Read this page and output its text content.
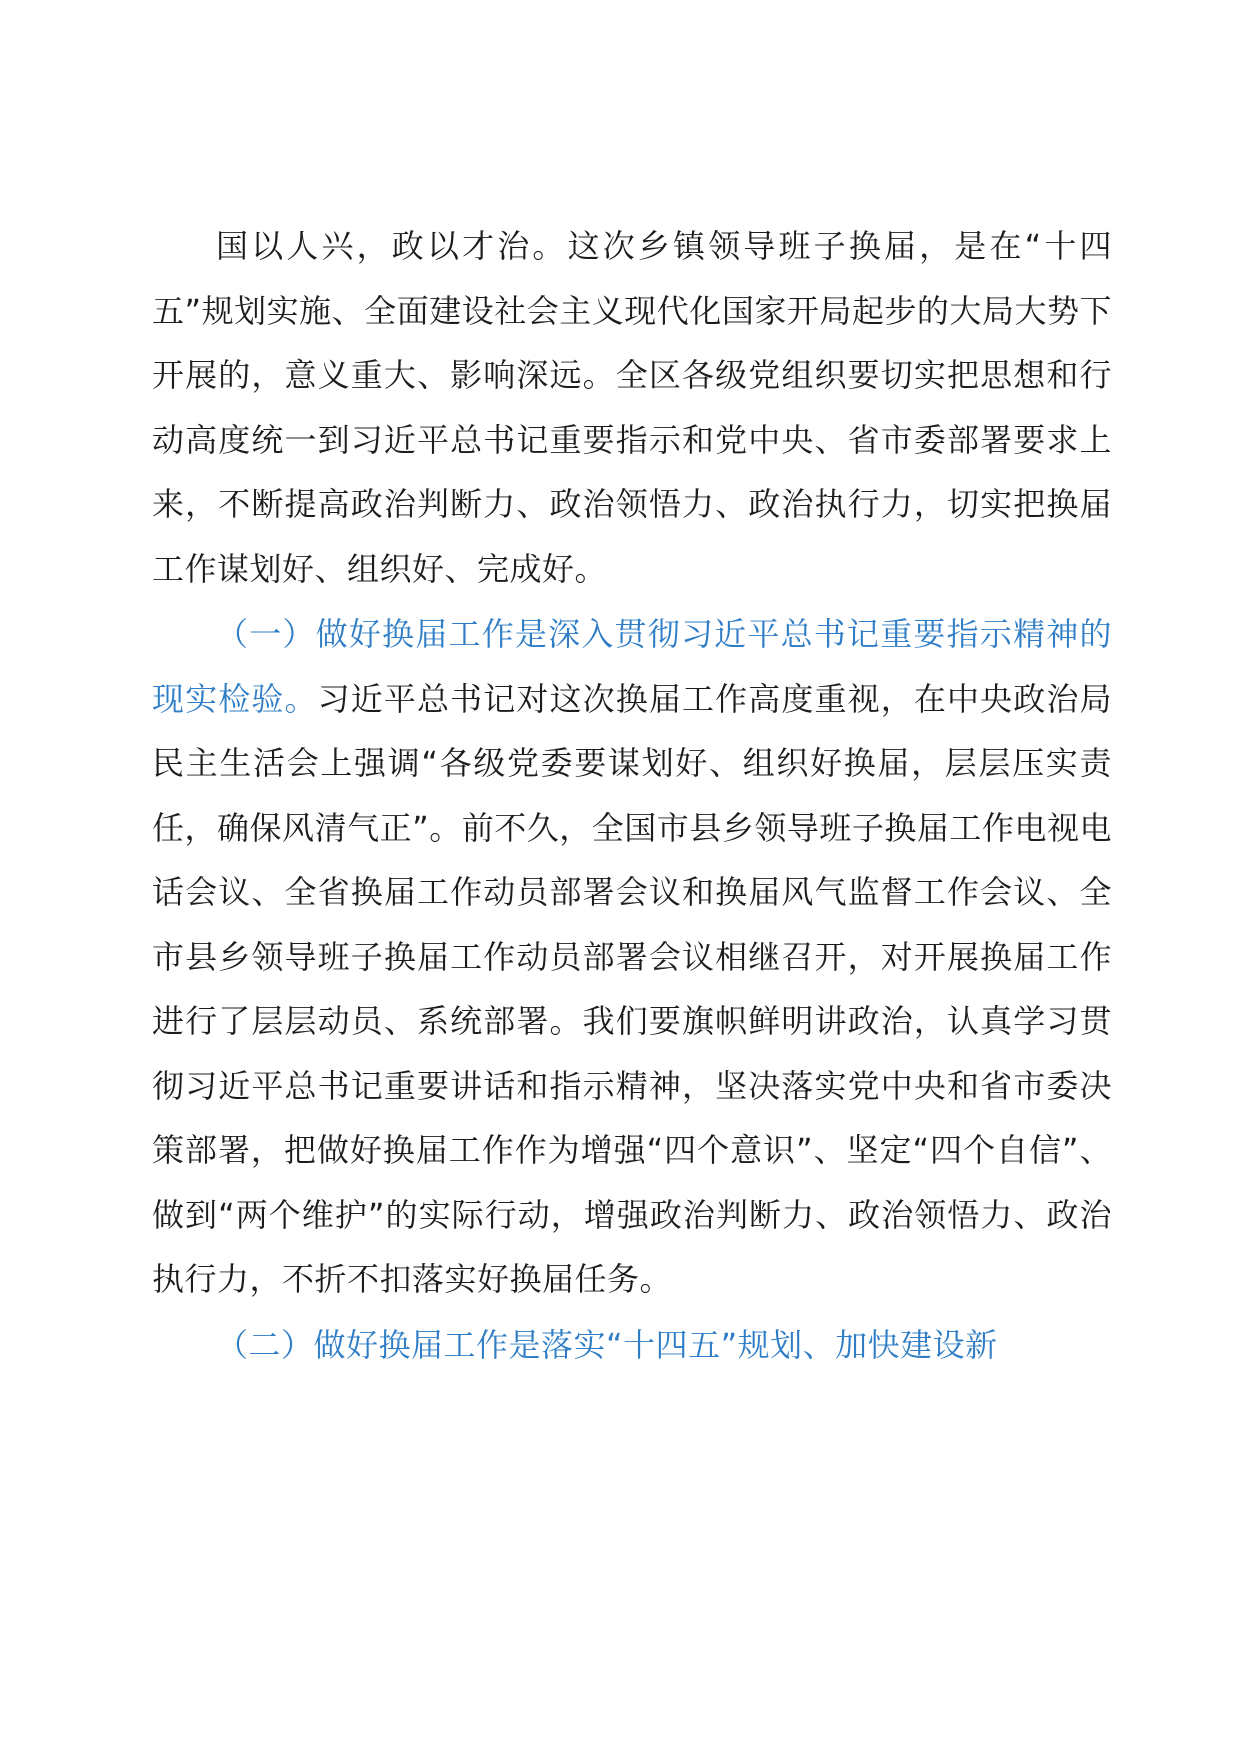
国以人兴，政以才治。这次乡镇领导班子换届，是在“十四五”规划实施、全面建设社会主义现代化国家开局起步的大局大势下开展的，意义重大、影响深远。全区各级党组织要切实把思想和行动高度统一到习近平总书记重要指示和党中央、省市委部署要求上来，不断提高政治判断力、政治领悟力、政治执行力，切实把换届工作谋划好、组织好、完成好。

（一）做好换届工作是深入贯彻习近平总书记重要指示精神的现实检验。习近平总书记对这次换届工作高度重视，在中央政治局民主生活会上强调“各级党委要谋划好、组织好换届，层层压实责任，确保风清气正”。前不久，全国市县乡领导班子换届工作电视电话会议、全省换届工作动员部署会议和换届风气监督工作会议、全市县乡领导班子换届工作动员部署会议相继召开，对开展换届工作进行了层层动员、系统部署。我们要旗帜鲜明讲政治，认真学习贯彻习近平总书记重要讲话和指示精神，坚决落实党中央和省市委决策部署，把做好换届工作作为增强“四个意识”、坚定“四个自信”、做到“两个维护”的实际行动，增强政治判断力、政治领悟力、政治执行力，不折不扣落实好换届任务。

（二）做好换届工作是落实“十四五”规划、加快建设新
